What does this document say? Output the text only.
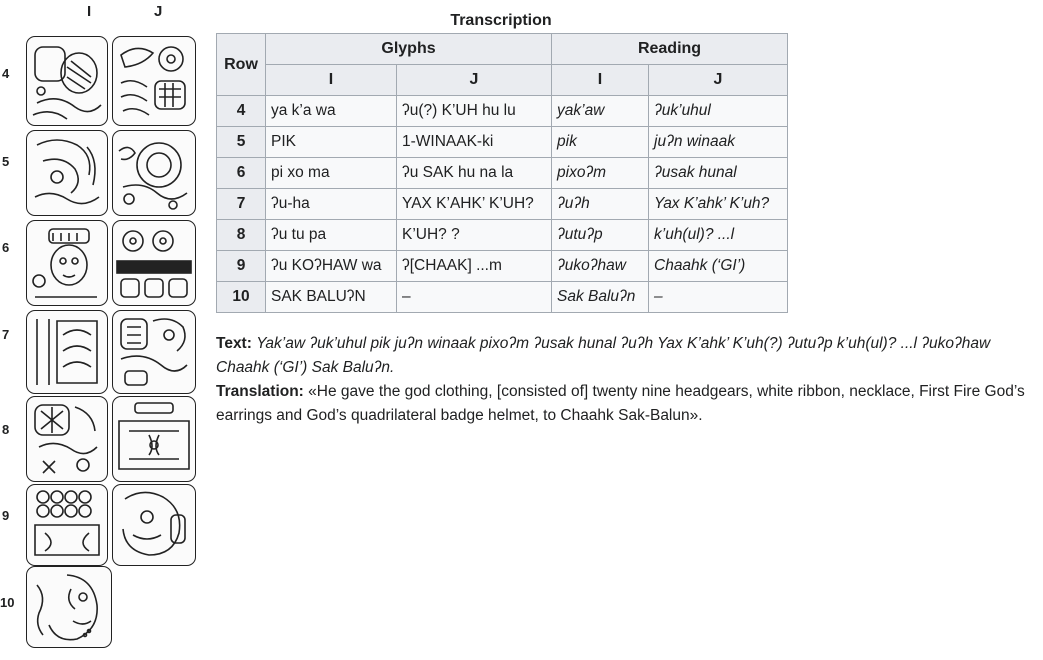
I	J
4
5
6
7
8
9
10
Transcription
Row	Glyphs		Reading	
	I	J	I	J
4	ya k’a wa	ʔu(?) K’UH hu lu	yak’aw	ʔuk’uhul
5	PIK	1-WINAAK-ki	pik	juʔn winaak
6	pi xo ma	ʔu SAK hu na la	pixoʔm	ʔusak hunal
7	ʔu-ha	YAX K’AHK’ K’UH?	ʔuʔh	Yax K’ahk’ K’uh?
8	ʔu tu pa	K’UH? ?	ʔutuʔp	k’uh(ul)? ...l
9	ʔu KOʔHAW wa	ʔ[CHAAK] ...m	ʔukoʔhaw	Chaahk (‘GI’)
10	SAK BALUʔN	–	Sak Baluʔn	–

Text: Yak’aw ʔuk’uhul pik juʔn winaak pixoʔm ʔusak hunal ʔuʔh Yax K’ahk’ K’uh(?) ʔutuʔp k’uh(ul)? ...l ʔukoʔhaw Chaahk (‘GI’) Sak Baluʔn.

Translation: «He gave the god clothing, [consisted of] twenty nine headgears, white ribbon, necklace, First Fire God’s earrings and God’s quadrilateral badge helmet, to Chaahk Sak-Balun».
